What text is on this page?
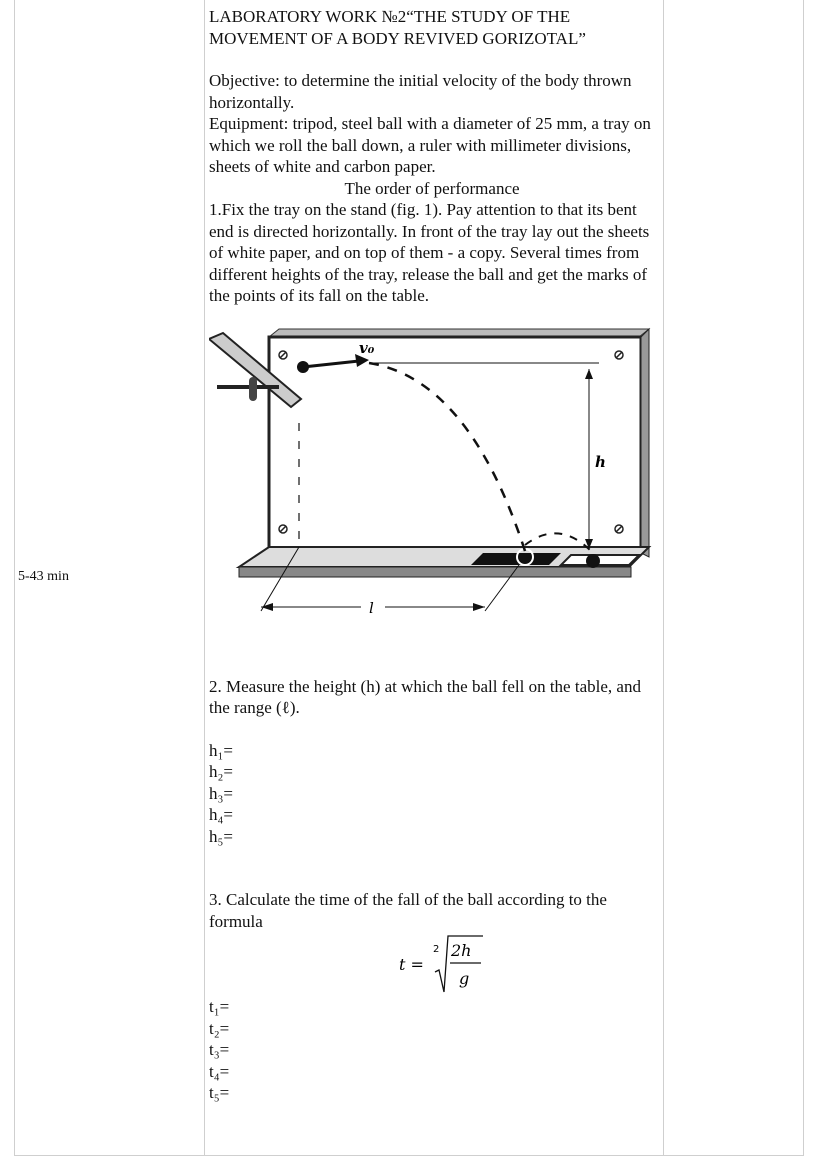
5-43 min

LABORATORY WORK №2“THE STUDY OF THE MOVEMENT OF A BODY REVIVED GORIZOTAL”

Objective: to determine the initial velocity of the body thrown horizontally.

Equipment: tripod, steel ball with a diameter of 25 mm, a tray on which we roll the ball down, a ruler with millimeter divisions, sheets of white and carbon paper.

The order of performance

1.Fix the tray on the stand (fig. 1). Pay attention to that its bent end is directed horizontally. In front of the tray lay out the sheets of white paper, and on top of them - a copy. Several times from different heights of the tray, release the ball and get the marks of the points of its fall on the table.

v₀
h
l

2. Measure the height (h) at which the ball fell on the table, and the range (ℓ).

h₁=
h₂=
h₃=
h₄=
h₅=

3. Calculate the time of the fall of the ball according to the formula

t =
2 2h
g
t₁=
t₂=
t₃=
t₄=
t₅=
